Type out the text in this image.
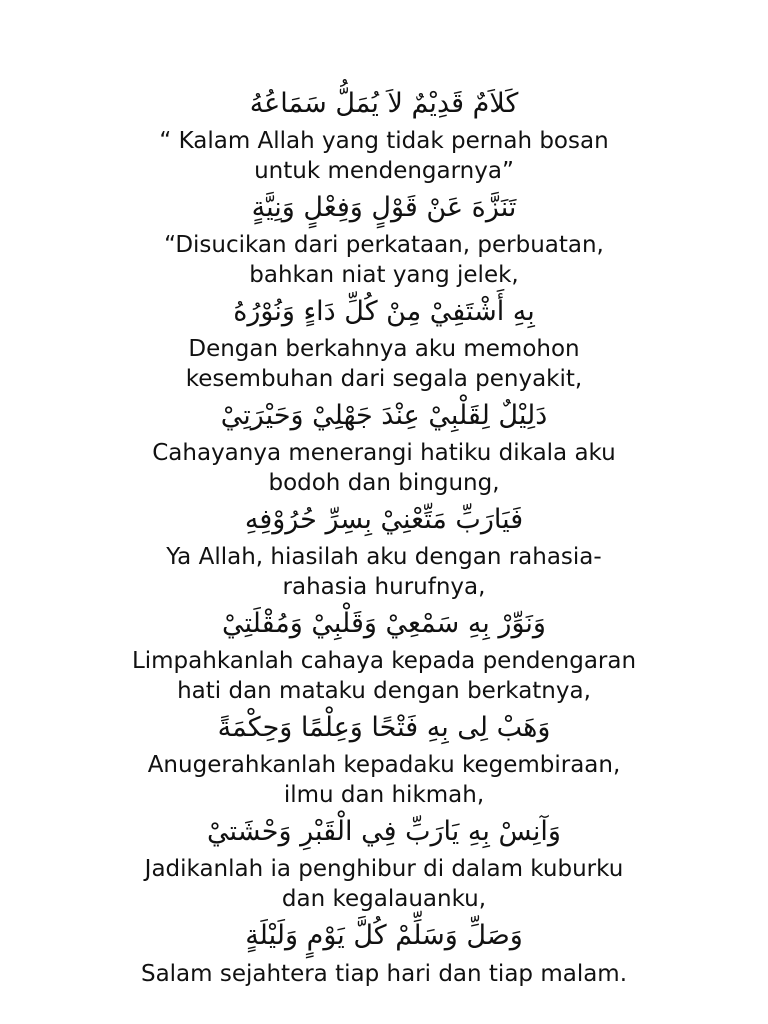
كَلاَمٌ قَدِيْمٌ لاَ يُمَلُّ سَمَاعُهُ
“ Kalam Allah yang tidak pernah bosan
untuk mendengarnya”
تَنَزَّهَ عَنْ قَوْلٍ وَفِعْلٍ وَنِيَّةٍ
“Disucikan dari perkataan, perbuatan,
bahkan niat yang jelek,
بِهِ أَشْتَفِيْ مِنْ كُلِّ دَاءٍ وَنُوْرُهُ
Dengan berkahnya aku memohon
kesembuhan dari segala penyakit,
دَلِيْلٌ لِقَلْبِيْ عِنْدَ جَهْلِيْ وَحَيْرَتِيْ
Cahayanya menerangi hatiku dikala aku
bodoh dan bingung,
فَيَارَبِّ مَتِّعْنِيْ بِسِرِّ حُرُوْفِهِ
Ya Allah, hiasilah aku dengan rahasia-
rahasia hurufnya,
وَنَوِّرْ بِهِ سَمْعِيْ وَقَلْبِيْ وَمُقْلَتِيْ
Limpahkanlah cahaya kepada pendengaran
hati dan mataku dengan berkatnya,
وَهَبْ لِى بِهِ فَتْحًا وَعِلْمًا وَحِكْمَةً
Anugerahkanlah kepadaku kegembiraan,
ilmu dan hikmah,
وَآنِسْ بِهِ يَارَبِّ فِي الْقَبْرِ وَحْشَتيْ
Jadikanlah ia penghibur di dalam kuburku
dan kegalauanku,
وَصَلِّ وَسَلِّمْ كُلَّ يَوْمٍ وَلَيْلَةٍ
Salam sejahtera tiap hari dan tiap malam.
